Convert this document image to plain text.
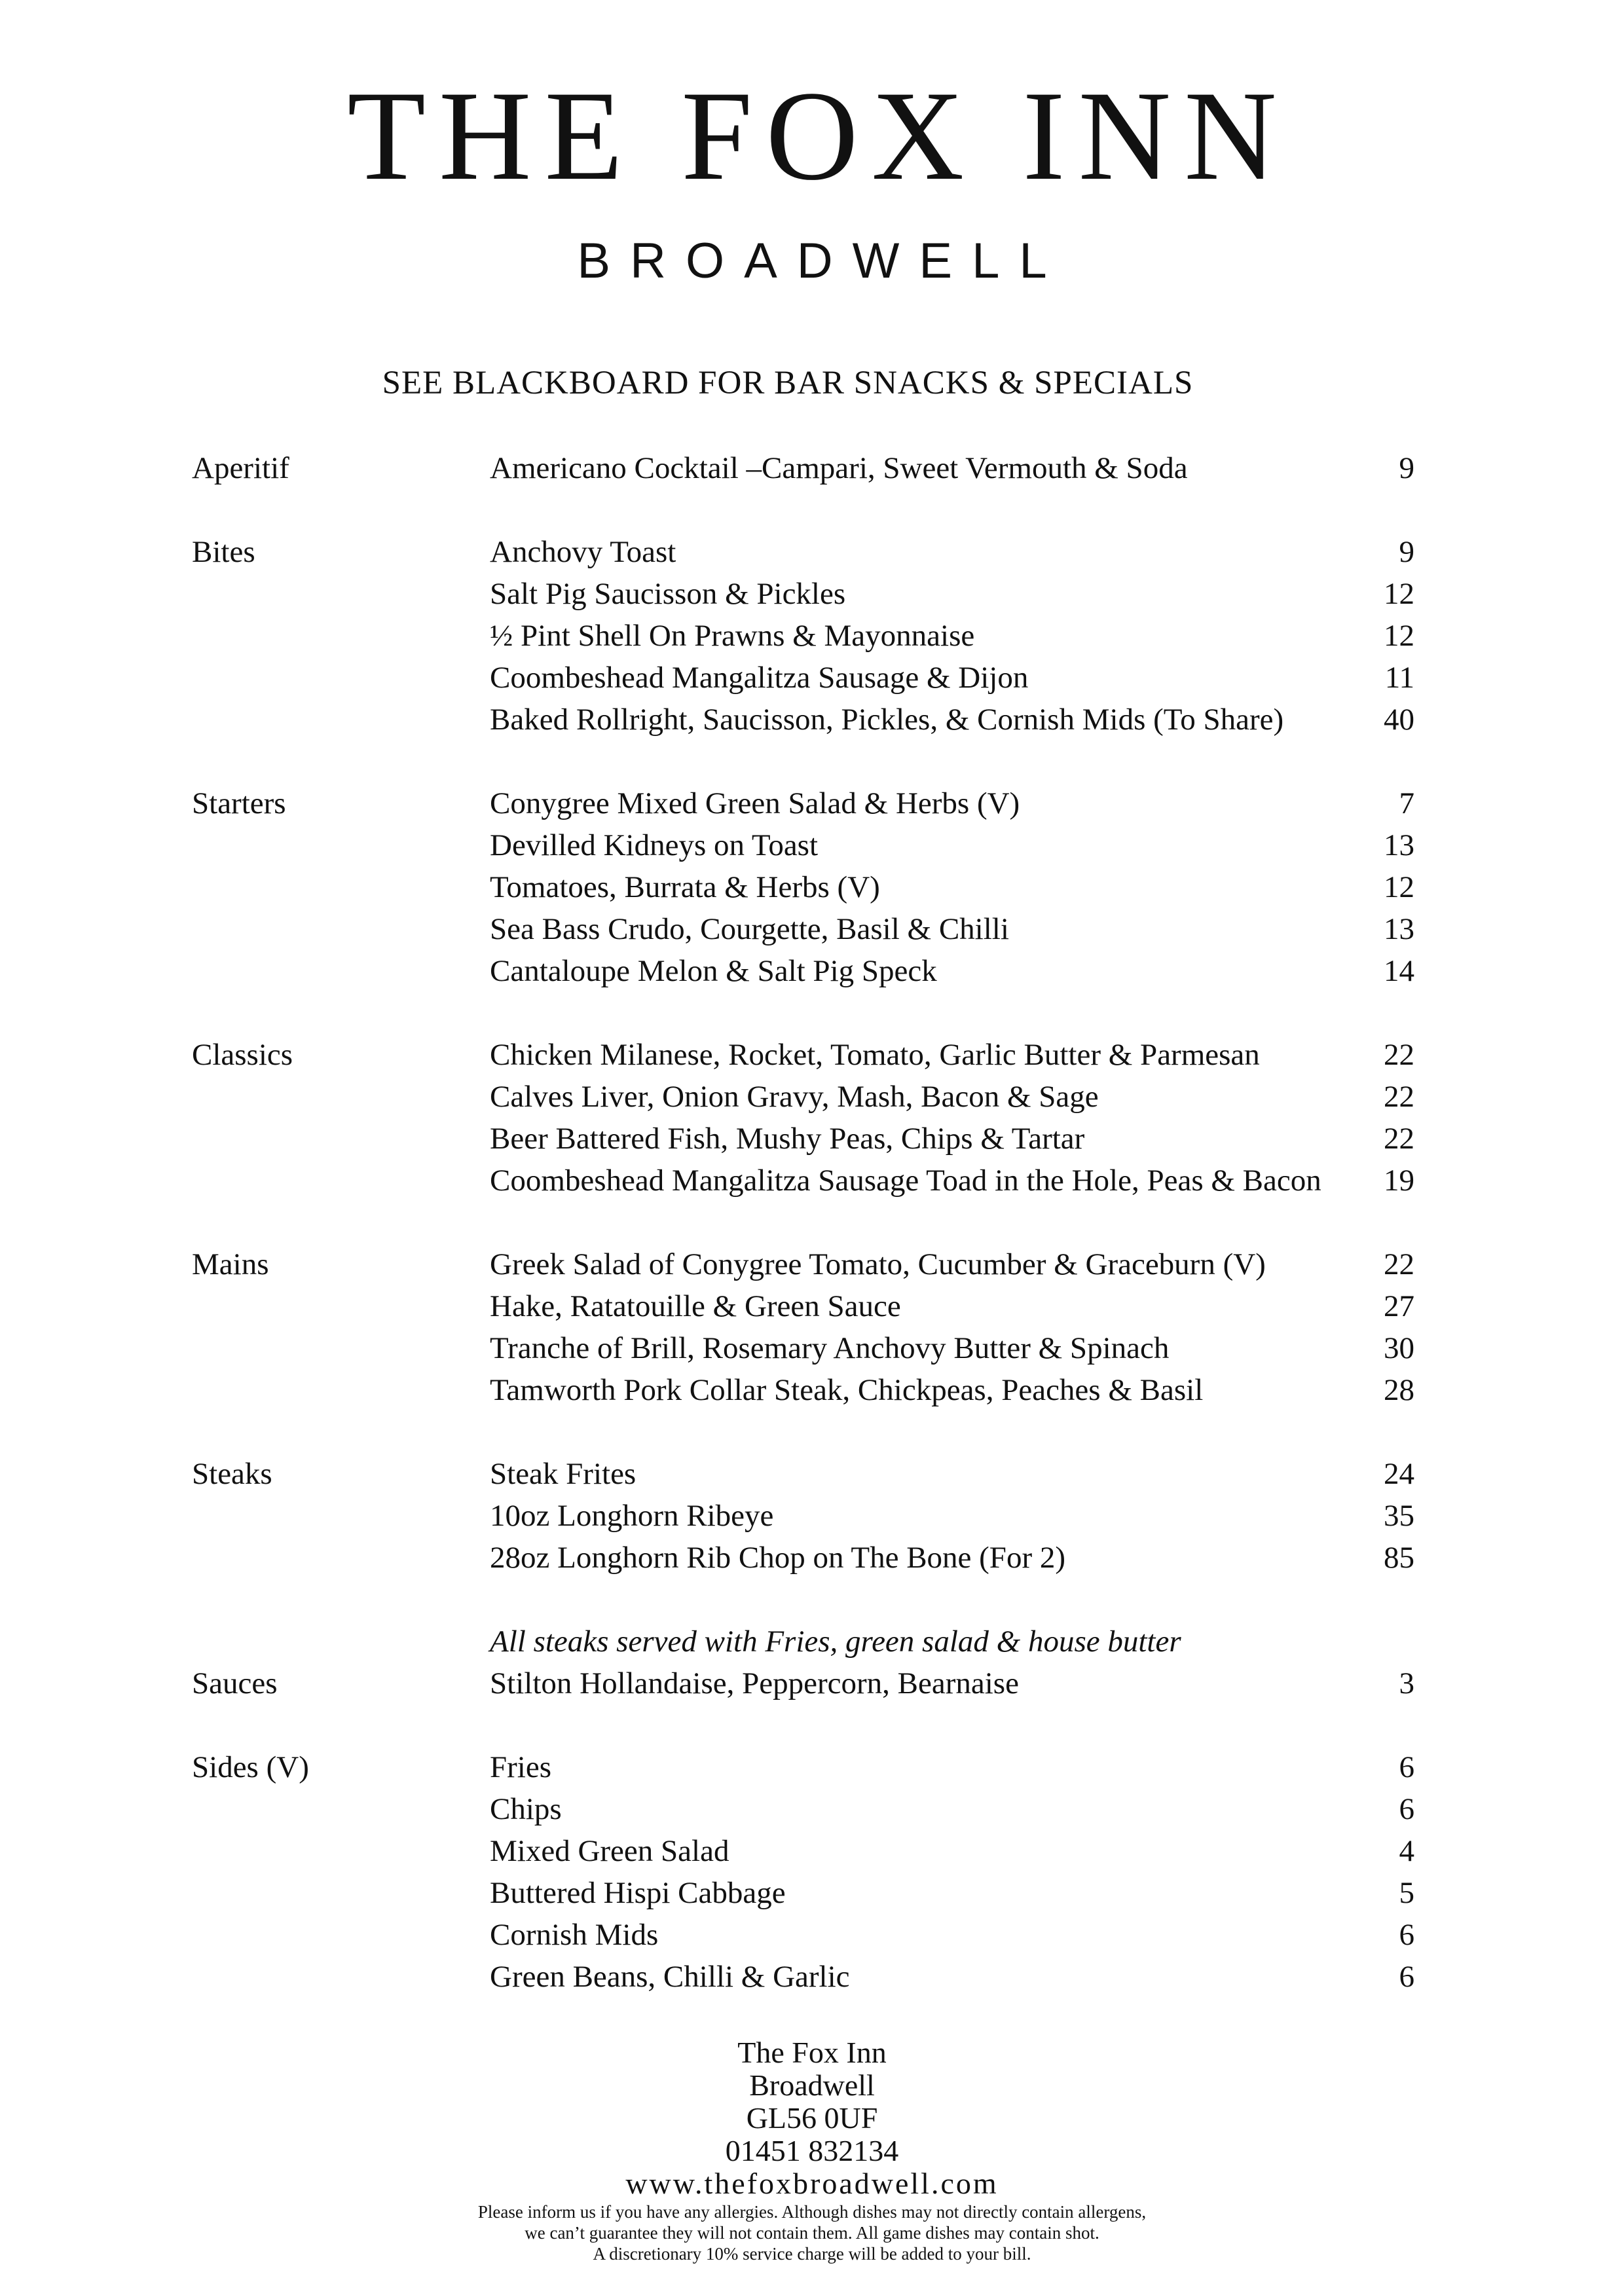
THE FOX INN
BROADWELL
SEE BLACKBOARD FOR BAR SNACKS & SPECIALS
Aperitif	Americano Cocktail –Campari, Sweet Vermouth & Soda	9
Bites	Anchovy Toast	9
Salt Pig Saucisson & Pickles	12
½ Pint Shell On Prawns & Mayonnaise	12
Coombeshead Mangalitza Sausage & Dijon	11
Baked Rollright, Saucisson, Pickles, & Cornish Mids (To Share)	40
Starters	Conygree Mixed Green Salad & Herbs (V)	7
Devilled Kidneys on Toast	13
Tomatoes, Burrata & Herbs (V)	12
Sea Bass Crudo, Courgette, Basil & Chilli	13
Cantaloupe Melon & Salt Pig Speck	14
Classics	Chicken Milanese, Rocket, Tomato, Garlic Butter & Parmesan	22
Calves Liver, Onion Gravy, Mash, Bacon & Sage	22
Beer Battered Fish, Mushy Peas, Chips & Tartar	22
Coombeshead Mangalitza Sausage Toad in the Hole, Peas & Bacon	19
Mains	Greek Salad of Conygree Tomato, Cucumber & Graceburn (V)	22
Hake, Ratatouille & Green Sauce	27
Tranche of Brill, Rosemary Anchovy Butter & Spinach	30
Tamworth Pork Collar Steak, Chickpeas, Peaches & Basil	28
Steaks	Steak Frites	24
10oz Longhorn Ribeye	35
28oz Longhorn Rib Chop on The Bone (For 2)	85
All steaks served with Fries, green salad & house butter
Sauces	Stilton Hollandaise, Peppercorn, Bearnaise	3
Sides (V)	Fries	6
Chips	6
Mixed Green Salad	4
Buttered Hispi Cabbage	5
Cornish Mids	6
Green Beans, Chilli & Garlic	6
The Fox Inn
Broadwell
GL56 0UF
01451 832134
www.thefoxbroadwell.com
Please inform us if you have any allergies. Although dishes may not directly contain allergens,
we can’t guarantee they will not contain them. All game dishes may contain shot.
A discretionary 10% service charge will be added to your bill.
